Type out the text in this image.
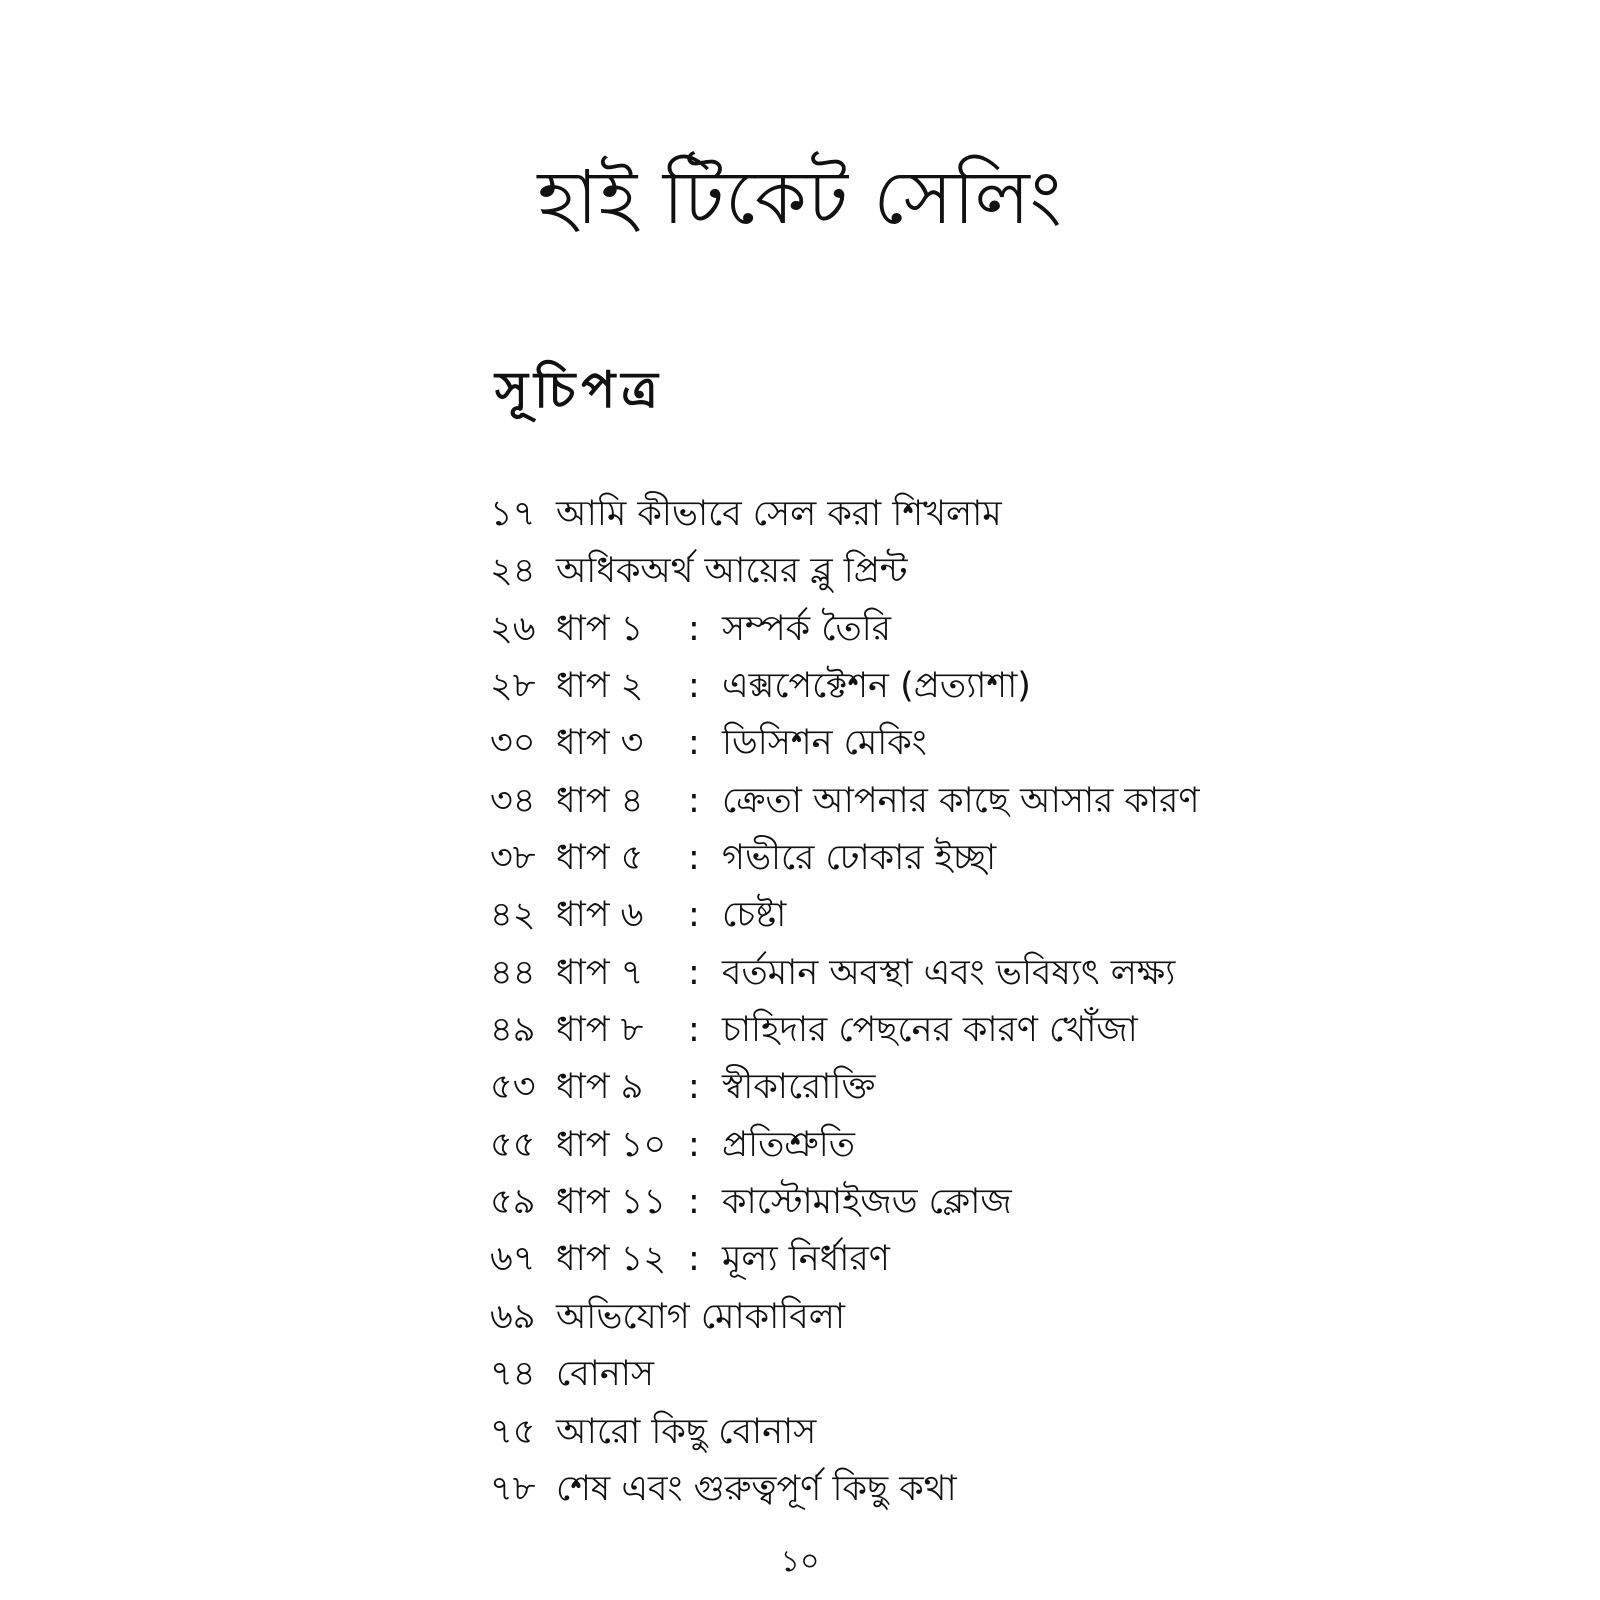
হাই টিকেট সেলিং
সূচিপত্র
১৭ আমি কীভাবে সেল করা শিখলাম
২৪ অধিকঅর্থ আয়ের ব্লু প্রিন্ট
২৬ ধাপ ১	: সম্পর্ক তৈরি
২৮ ধাপ ২	: এক্সপেক্টেশন (প্রত্যাশা)
৩০ ধাপ ৩	: ডিসিশন মেকিং
৩৪ ধাপ ৪	: ক্রেতা আপনার কাছে আসার কারণ
৩৮ ধাপ ৫	: গভীরে ঢোকার ইচ্ছা
৪২ ধাপ ৬	: চেষ্টা
৪৪ ধাপ ৭	: বর্তমান অবস্থা এবং ভবিষ্যৎ লক্ষ্য
৪৯ ধাপ ৮	: চাহিদার পেছনের কারণ খোঁজা
৫৩ ধাপ ৯	: স্বীকারোক্তি
৫৫ ধাপ ১০ : প্রতিশ্রুতি
৫৯ ধাপ ১১ : কাস্টোমাইজড ক্লোজ
৬৭ ধাপ ১২ : মূল্য নির্ধারণ
৬৯ অভিযোগ মোকাবিলা
৭৪ বোনাস
৭৫ আরো কিছু বোনাস
৭৮ শেষ এবং গুরুত্বপূর্ণ কিছু কথা
১০
